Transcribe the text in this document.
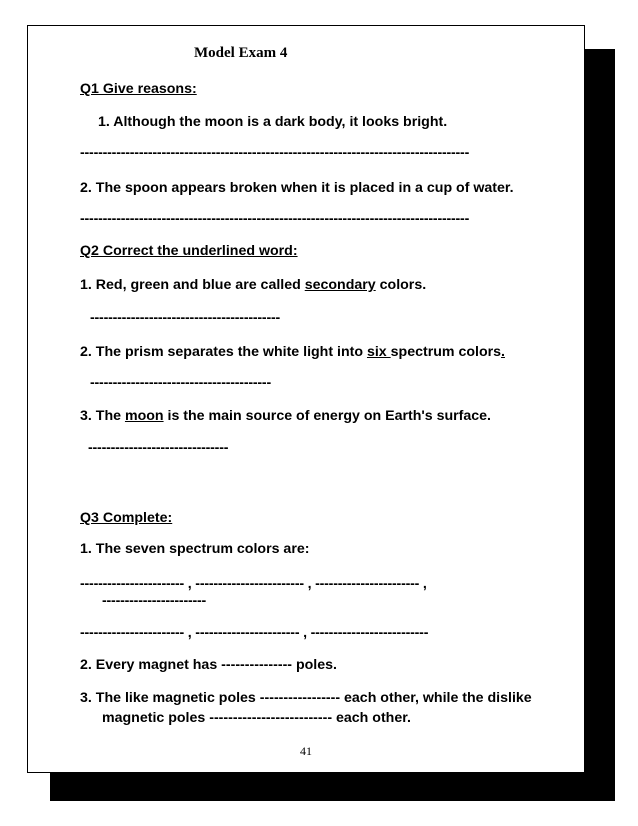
Model Exam 4
Q1 Give reasons:
1. Although the moon is a dark body, it looks bright.
--------------------------------------------------------------------------------------
2. The spoon appears broken when it is placed in a cup of water.
--------------------------------------------------------------------------------------
Q2 Correct the underlined word:
1. Red, green and blue are called secondary colors.
------------------------------------------
2. The prism separates the white light into six spectrum colors.
----------------------------------------
3. The moon is the main source of energy on Earth's surface.
-------------------------------
Q3 Complete:
1. The seven spectrum colors are:
----------------------- , ------------------------ , ----------------------- ,
-----------------------
----------------------- , ----------------------- , --------------------------
2. Every magnet has --------------- poles.
3. The like magnetic poles ----------------- each other, while the dislike
magnetic poles -------------------------- each other.
41
